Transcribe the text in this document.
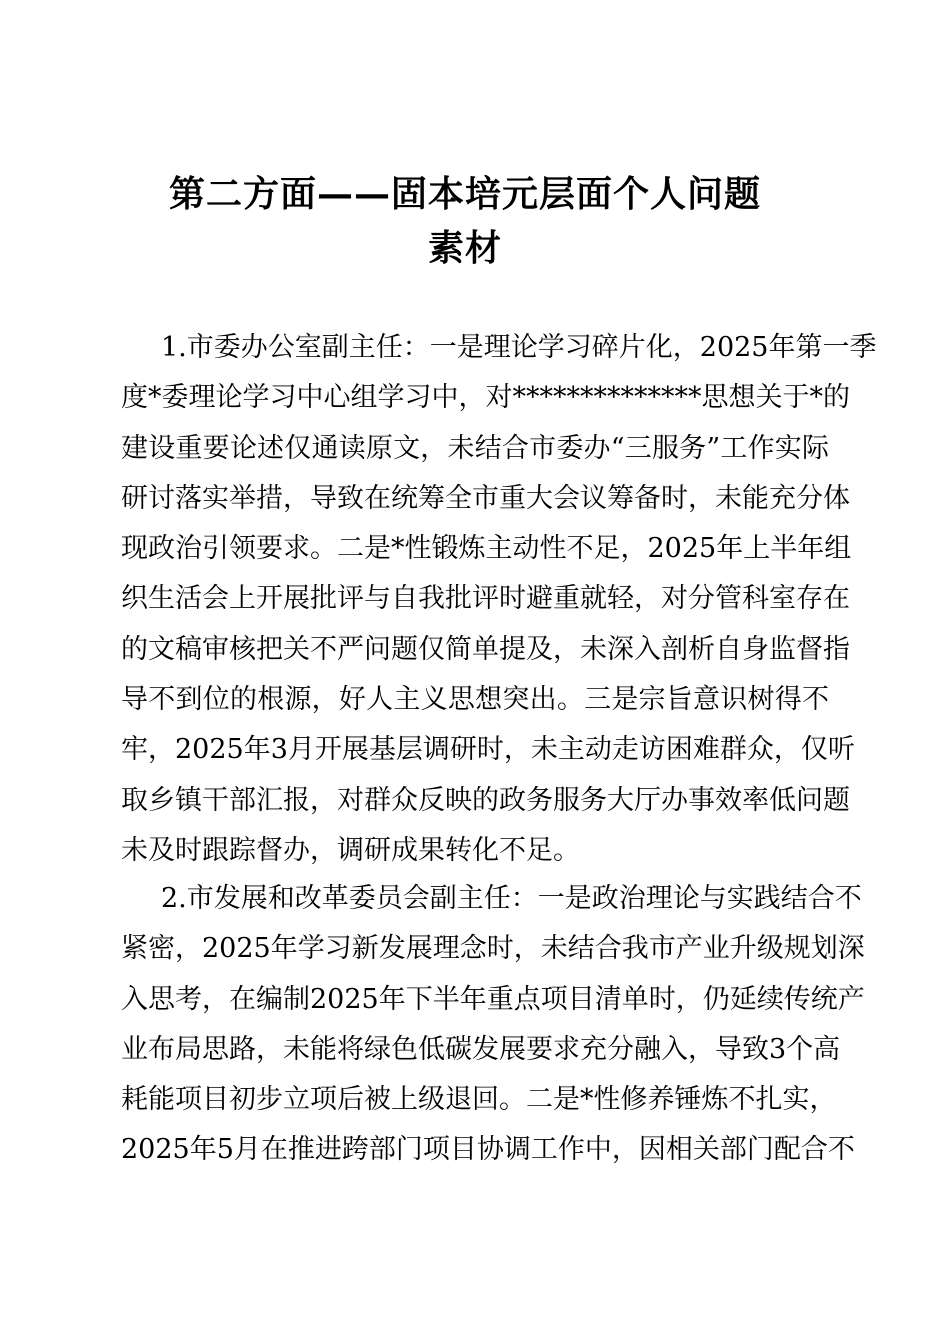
第二方面——固本培元层面个人问题
素材
1.市委办公室副主任：一是理论学习碎片化，2025年第一季
度*委理论学习中心组学习中，对**************思想关于*的
建设重要论述仅通读原文，未结合市委办“三服务”工作实际
研讨落实举措，导致在统筹全市重大会议筹备时，未能充分体
现政治引领要求。二是*性锻炼主动性不足，2025年上半年组
织生活会上开展批评与自我批评时避重就轻，对分管科室存在
的文稿审核把关不严问题仅简单提及，未深入剖析自身监督指
导不到位的根源，好人主义思想突出。三是宗旨意识树得不
牢，2025年3月开展基层调研时，未主动走访困难群众，仅听
取乡镇干部汇报，对群众反映的政务服务大厅办事效率低问题
未及时跟踪督办，调研成果转化不足。
2.市发展和改革委员会副主任：一是政治理论与实践结合不
紧密，2025年学习新发展理念时，未结合我市产业升级规划深
入思考，在编制2025年下半年重点项目清单时，仍延续传统产
业布局思路，未能将绿色低碳发展要求充分融入，导致3个高
耗能项目初步立项后被上级退回。二是*性修养锤炼不扎实，
2025年5月在推进跨部门项目协调工作中，因相关部门配合不
